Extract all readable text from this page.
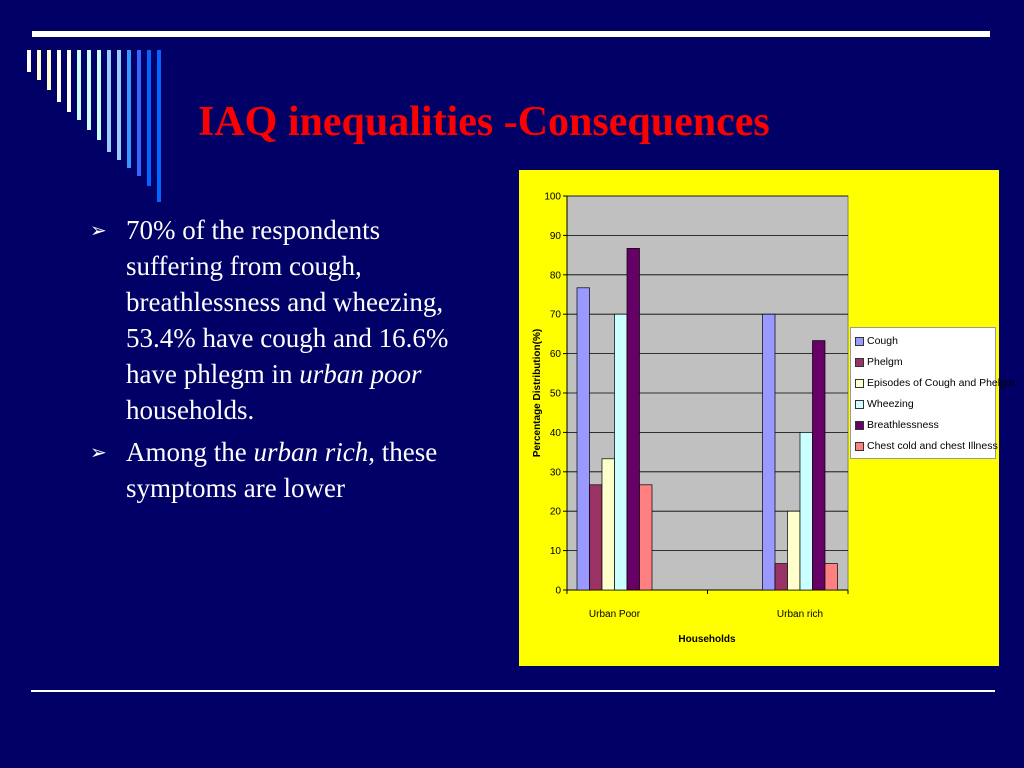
IAQ inequalities -Consequences
➢ 70% of the respondents suffering from cough, breathlessness and wheezing, 53.4% have cough and 16.6% have phlegm in urban poor households.
➢ Among the urban rich, these symptoms are lower
0
10
20
30
40
50
60
70
80
90
100
Urban Poor	Urban rich
Households
Percentage Distribution(%)	Cough
Phelgm
Episodes of Cough and Phelgm
Wheezing
Breathlessness
Chest cold and chest Illness
